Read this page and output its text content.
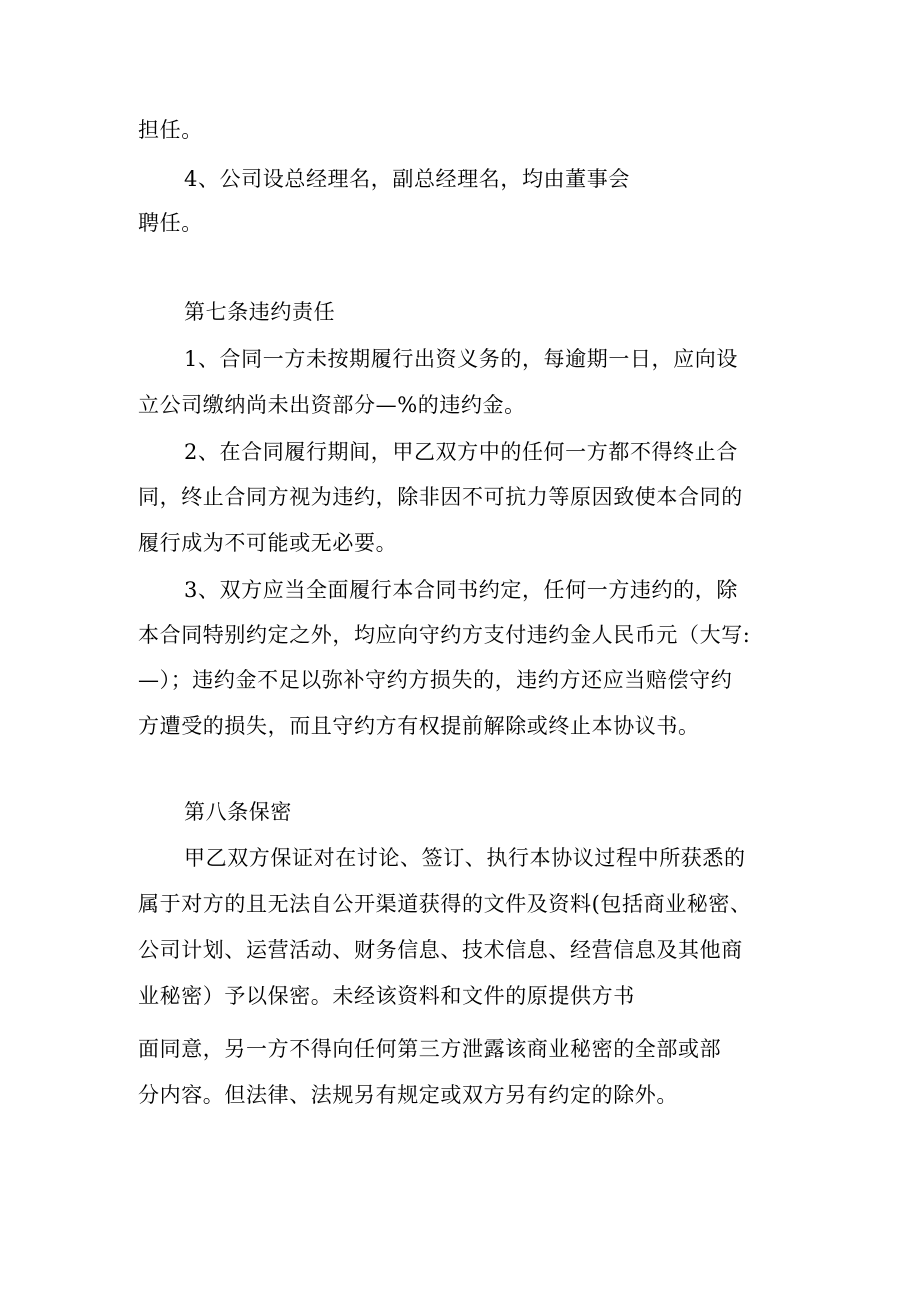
担任。
4、公司设总经理名，副总经理名，均由董事会
聘任。
第七条违约责任
1、合同一方未按期履行出资义务的，每逾期一日，应向设
立公司缴纳尚未出资部分—%的违约金。
2、在合同履行期间，甲乙双方中的任何一方都不得终止合
同，终止合同方视为违约，除非因不可抗力等原因致使本合同的
履行成为不可能或无必要。
3、双方应当全面履行本合同书约定，任何一方违约的，除
本合同特别约定之外，均应向守约方支付违约金人民币元（大写:
—）；违约金不足以弥补守约方损失的，违约方还应当赔偿守约
方遭受的损失，而且守约方有权提前解除或终止本协议书。
第八条保密
甲乙双方保证对在讨论、签订、执行本协议过程中所获悉的
属于对方的且无法自公开渠道获得的文件及资料(包括商业秘密、
公司计划、运营活动、财务信息、技术信息、经营信息及其他商
业秘密）予以保密。未经该资料和文件的原提供方书
面同意，另一方不得向任何第三方泄露该商业秘密的全部或部
分内容。但法律、法规另有规定或双方另有约定的除外。
